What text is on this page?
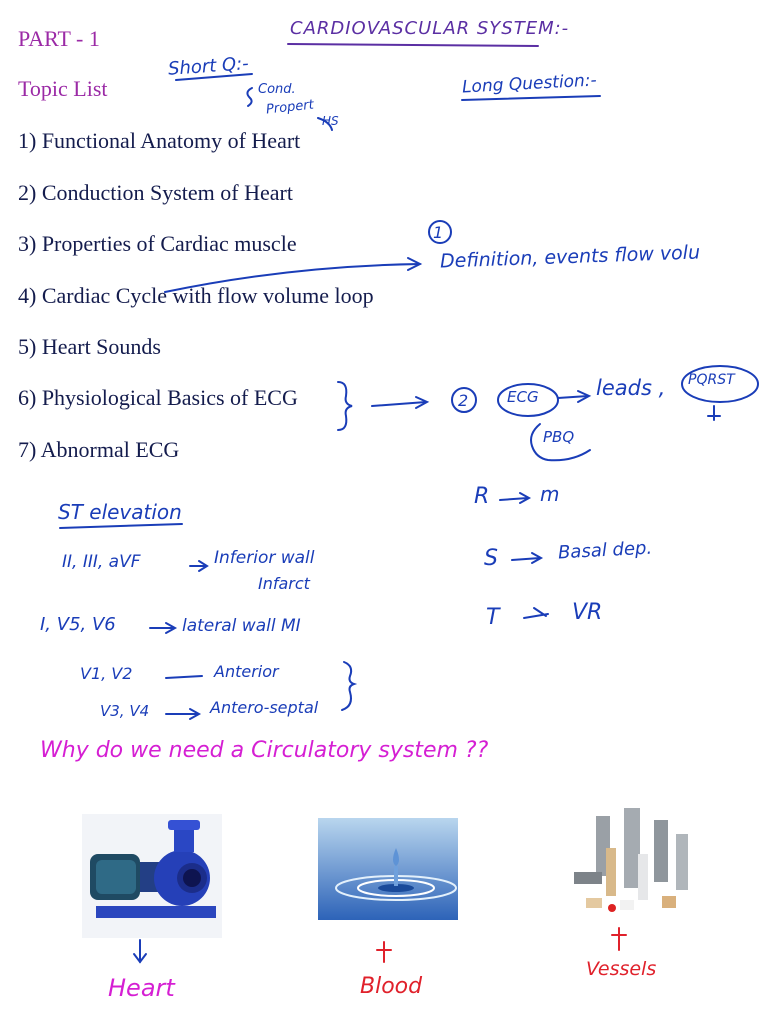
PART - 1
Topic List
1) Functional Anatomy of Heart
2) Conduction System of Heart
3) Properties of Cardiac muscle
4) Cardiac Cycle with flow volume loop
5) Heart Sounds
6) Physiological Basics of ECG
7) Abnormal ECG
CARDIOVASCULAR SYSTEM:-
Short Q:-
Cond.
Propert
HS
Long Question:-
1
Definition, events flow volu
2	ECG	leads , PQRST
PBQ
R	m
S	Basal dep.
T	VR
ST elevation
II, III, aVF	Inferior wall
Infarct
I, V5, V6	lateral wall MI
V1, V2	Anterior
V3, V4	Antero-septal
Why do we need a Circulatory system ??
Heart	Blood
Vessels
